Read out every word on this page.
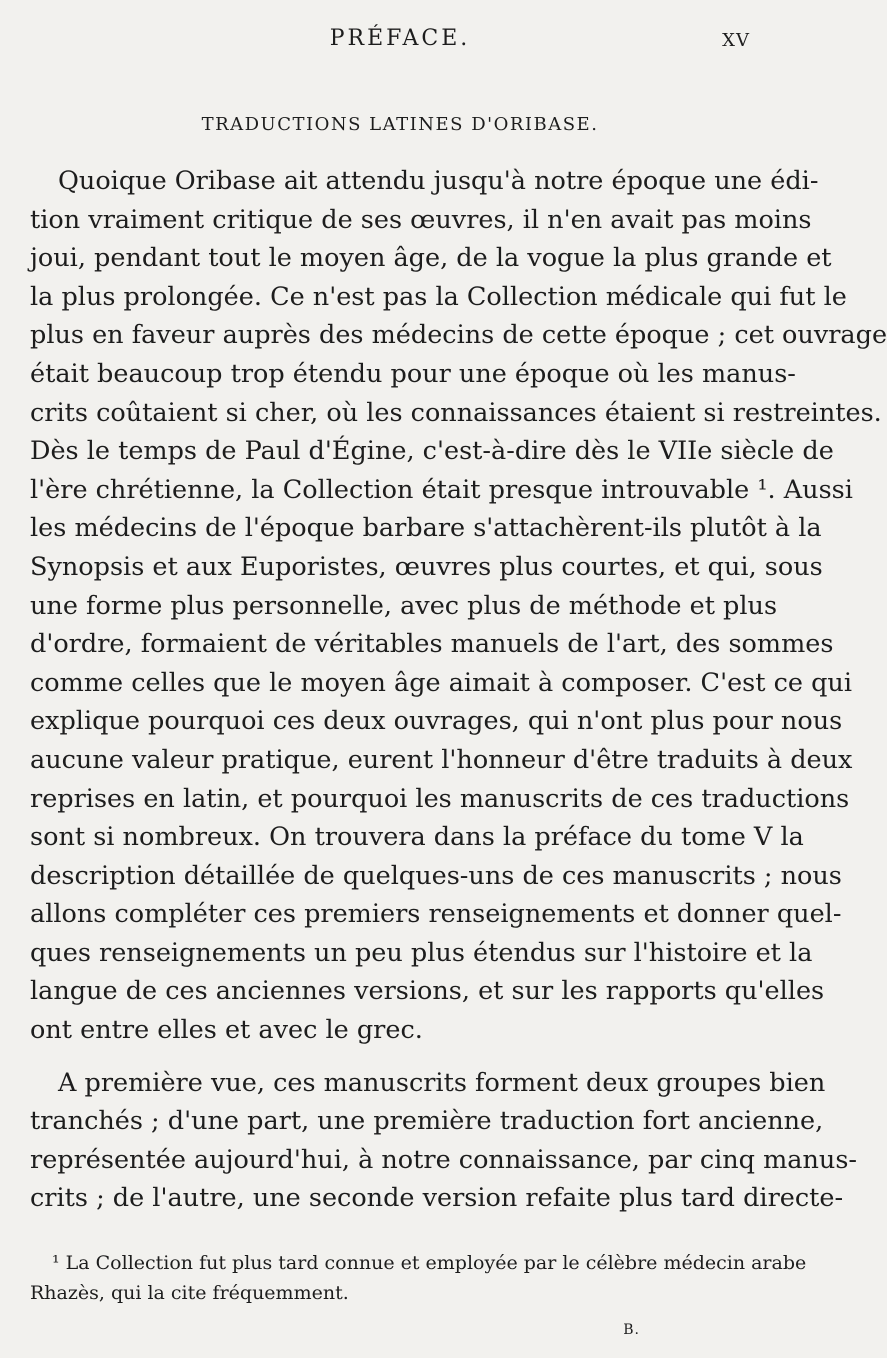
PRÉFACE.	XV
TRADUCTIONS LATINES D'ORIBASE.
Quoique Oribase ait attendu jusqu'à notre époque une édi-
tion vraiment critique de ses œuvres, il n'en avait pas moins
joui, pendant tout le moyen âge, de la vogue la plus grande et
la plus prolongée. Ce n'est pas la Collection médicale qui fut le
plus en faveur auprès des médecins de cette époque ; cet ouvrage
était beaucoup trop étendu pour une époque où les manus-
crits coûtaient si cher, où les connaissances étaient si restreintes.
Dès le temps de Paul d'Égine, c'est-à-dire dès le VIIe siècle de
l'ère chrétienne, la Collection était presque introuvable ¹. Aussi
les médecins de l'époque barbare s'attachèrent-ils plutôt à la
Synopsis et aux Euporistes, œuvres plus courtes, et qui, sous
une forme plus personnelle, avec plus de méthode et plus
d'ordre, formaient de véritables manuels de l'art, des sommes
comme celles que le moyen âge aimait à composer. C'est ce qui
explique pourquoi ces deux ouvrages, qui n'ont plus pour nous
aucune valeur pratique, eurent l'honneur d'être traduits à deux
reprises en latin, et pourquoi les manuscrits de ces traductions
sont si nombreux. On trouvera dans la préface du tome V la
description détaillée de quelques-uns de ces manuscrits ; nous
allons compléter ces premiers renseignements et donner quel-
ques renseignements un peu plus étendus sur l'histoire et la
langue de ces anciennes versions, et sur les rapports qu'elles
ont entre elles et avec le grec.
A première vue, ces manuscrits forment deux groupes bien
tranchés ; d'une part, une première traduction fort ancienne,
représentée aujourd'hui, à notre connaissance, par cinq manus-
crits ; de l'autre, une seconde version refaite plus tard directe-
¹ La Collection fut plus tard connue et employée par le célèbre médecin arabe
Rhazès, qui la cite fréquemment.
B.
